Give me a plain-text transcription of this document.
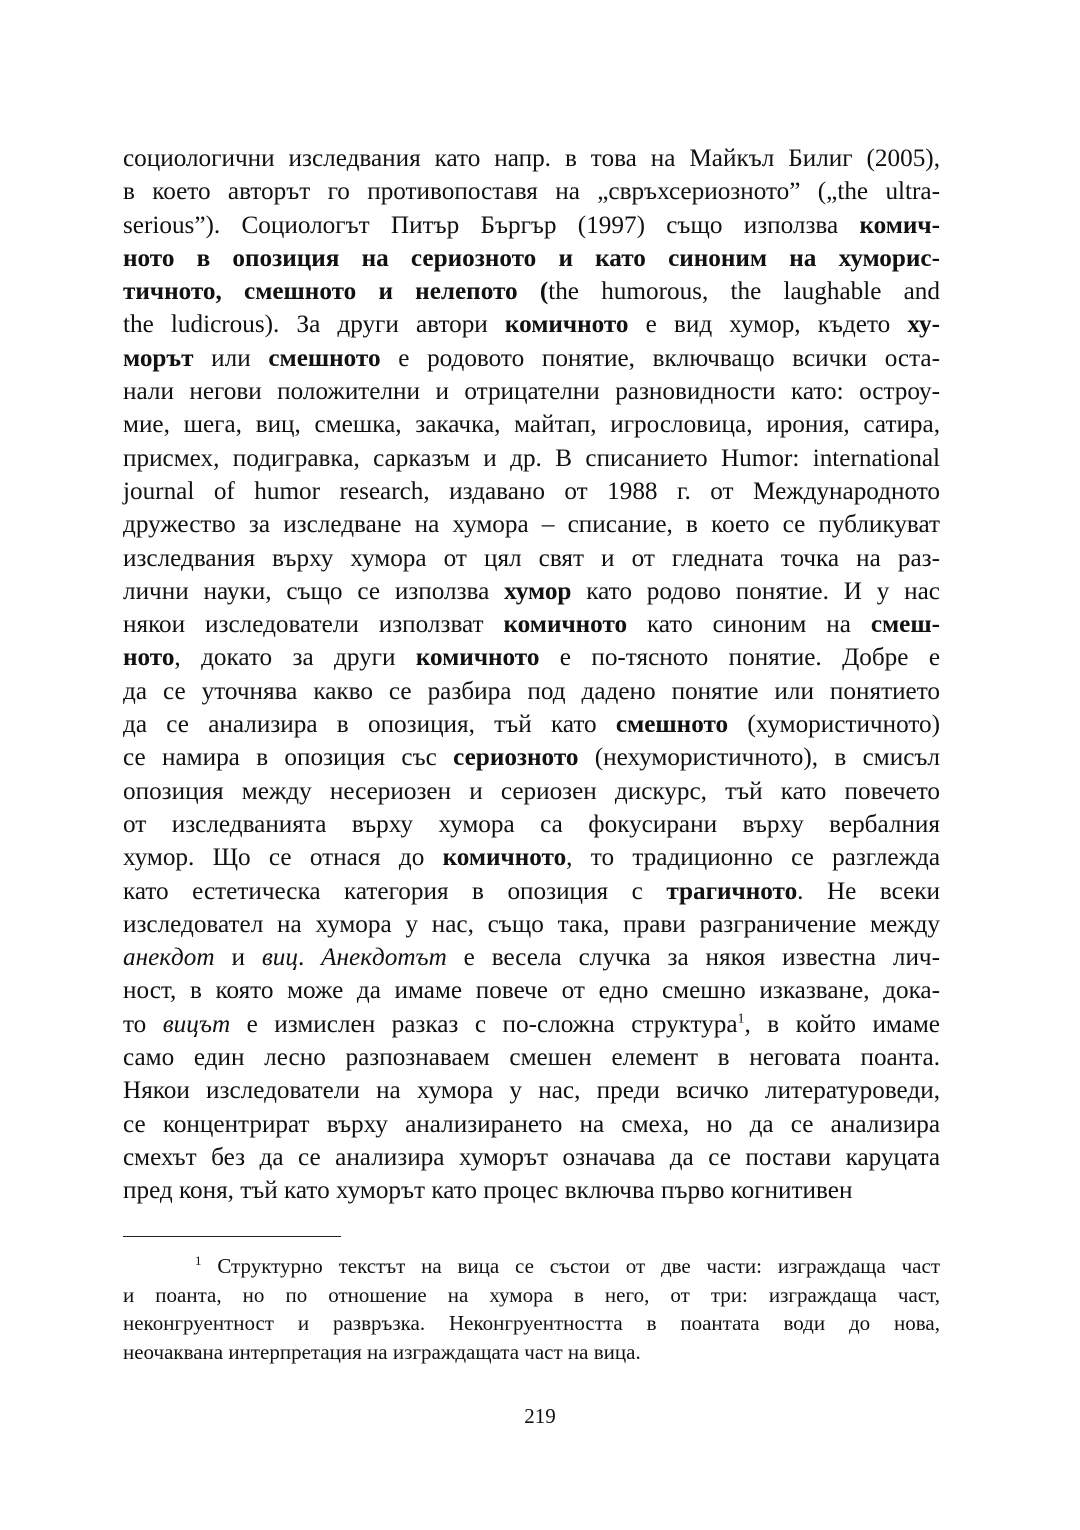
социологични изследвания като напр. в това на Майкъл Билиг (2005),
в което авторът го противопоставя на „свръхсериозното” („the ultra-
serious”). Социологът Питър Бъргър (1997) също използва комич-
ното в опозиция на сериозното и като синоним на хуморис-
тичното, смешното и нелепото (the humorous, the laughable and
the ludicrous). За други автори комичното е вид хумор, където ху-
морът или смешното е родовото понятие, включващо всички оста-
нали негови положителни и отрицателни разновидности като: остроу-
мие, шега, виц, смешка, закачка, майтап, игрословица, ирония, сатира,
присмех, подигравка, сарказъм и др. В списанието Humor: international
journal of humor research, издавано от 1988 г. от Международното
дружество за изследване на хумора – списание, в което се публикуват
изследвания върху хумора от цял свят и от гледната точка на раз-
лични науки, също се използва хумор като родово понятие. И у нас
някои изследователи използват комичното като синоним на смеш-
ното, докато за други комичното е по-тясното понятие. Добре е
да се уточнява какво се разбира под дадено понятие или понятието
да се анализира в опозиция, тъй като смешното (хумористичното)
се намира в опозиция със сериозното (нехумористичното), в смисъл
опозиция между несериозен и сериозен дискурс, тъй като повечето
от изследванията върху хумора са фокусирани върху вербалния
хумор. Що се отнася до комичното, то традиционно се разглежда
като естетическа категория в опозиция с трагичното. Не всеки
изследовател на хумора у нас, също така, прави разграничение между
анекдот и виц. Анекдотът е весела случка за някоя известна лич-
ност, в която може да имаме повече от едно смешно изказване, дока-
то вицът е измислен разказ с по-сложна структура$^1$, в който имаме
само един лесно разпознаваем смешен елемент в неговата поанта.
Някои изследователи на хумора у нас, преди всичко литературоведи,
се концентрират върху анализирането на смеха, но да се анализира
смехът без да се анализира хуморът означава да се постави каруцата
пред коня, тъй като хуморът като процес включва първо когнитивен
$^1$ Структурно текстът на вица се състои от две части: изграждаща част
и поанта, но по отношение на хумора в него, от три: изграждаща част,
неконгруентност и развръзка. Неконгруентността в поантата води до нова,
неочаквана интерпретация на изграждащата част на вица.
219
